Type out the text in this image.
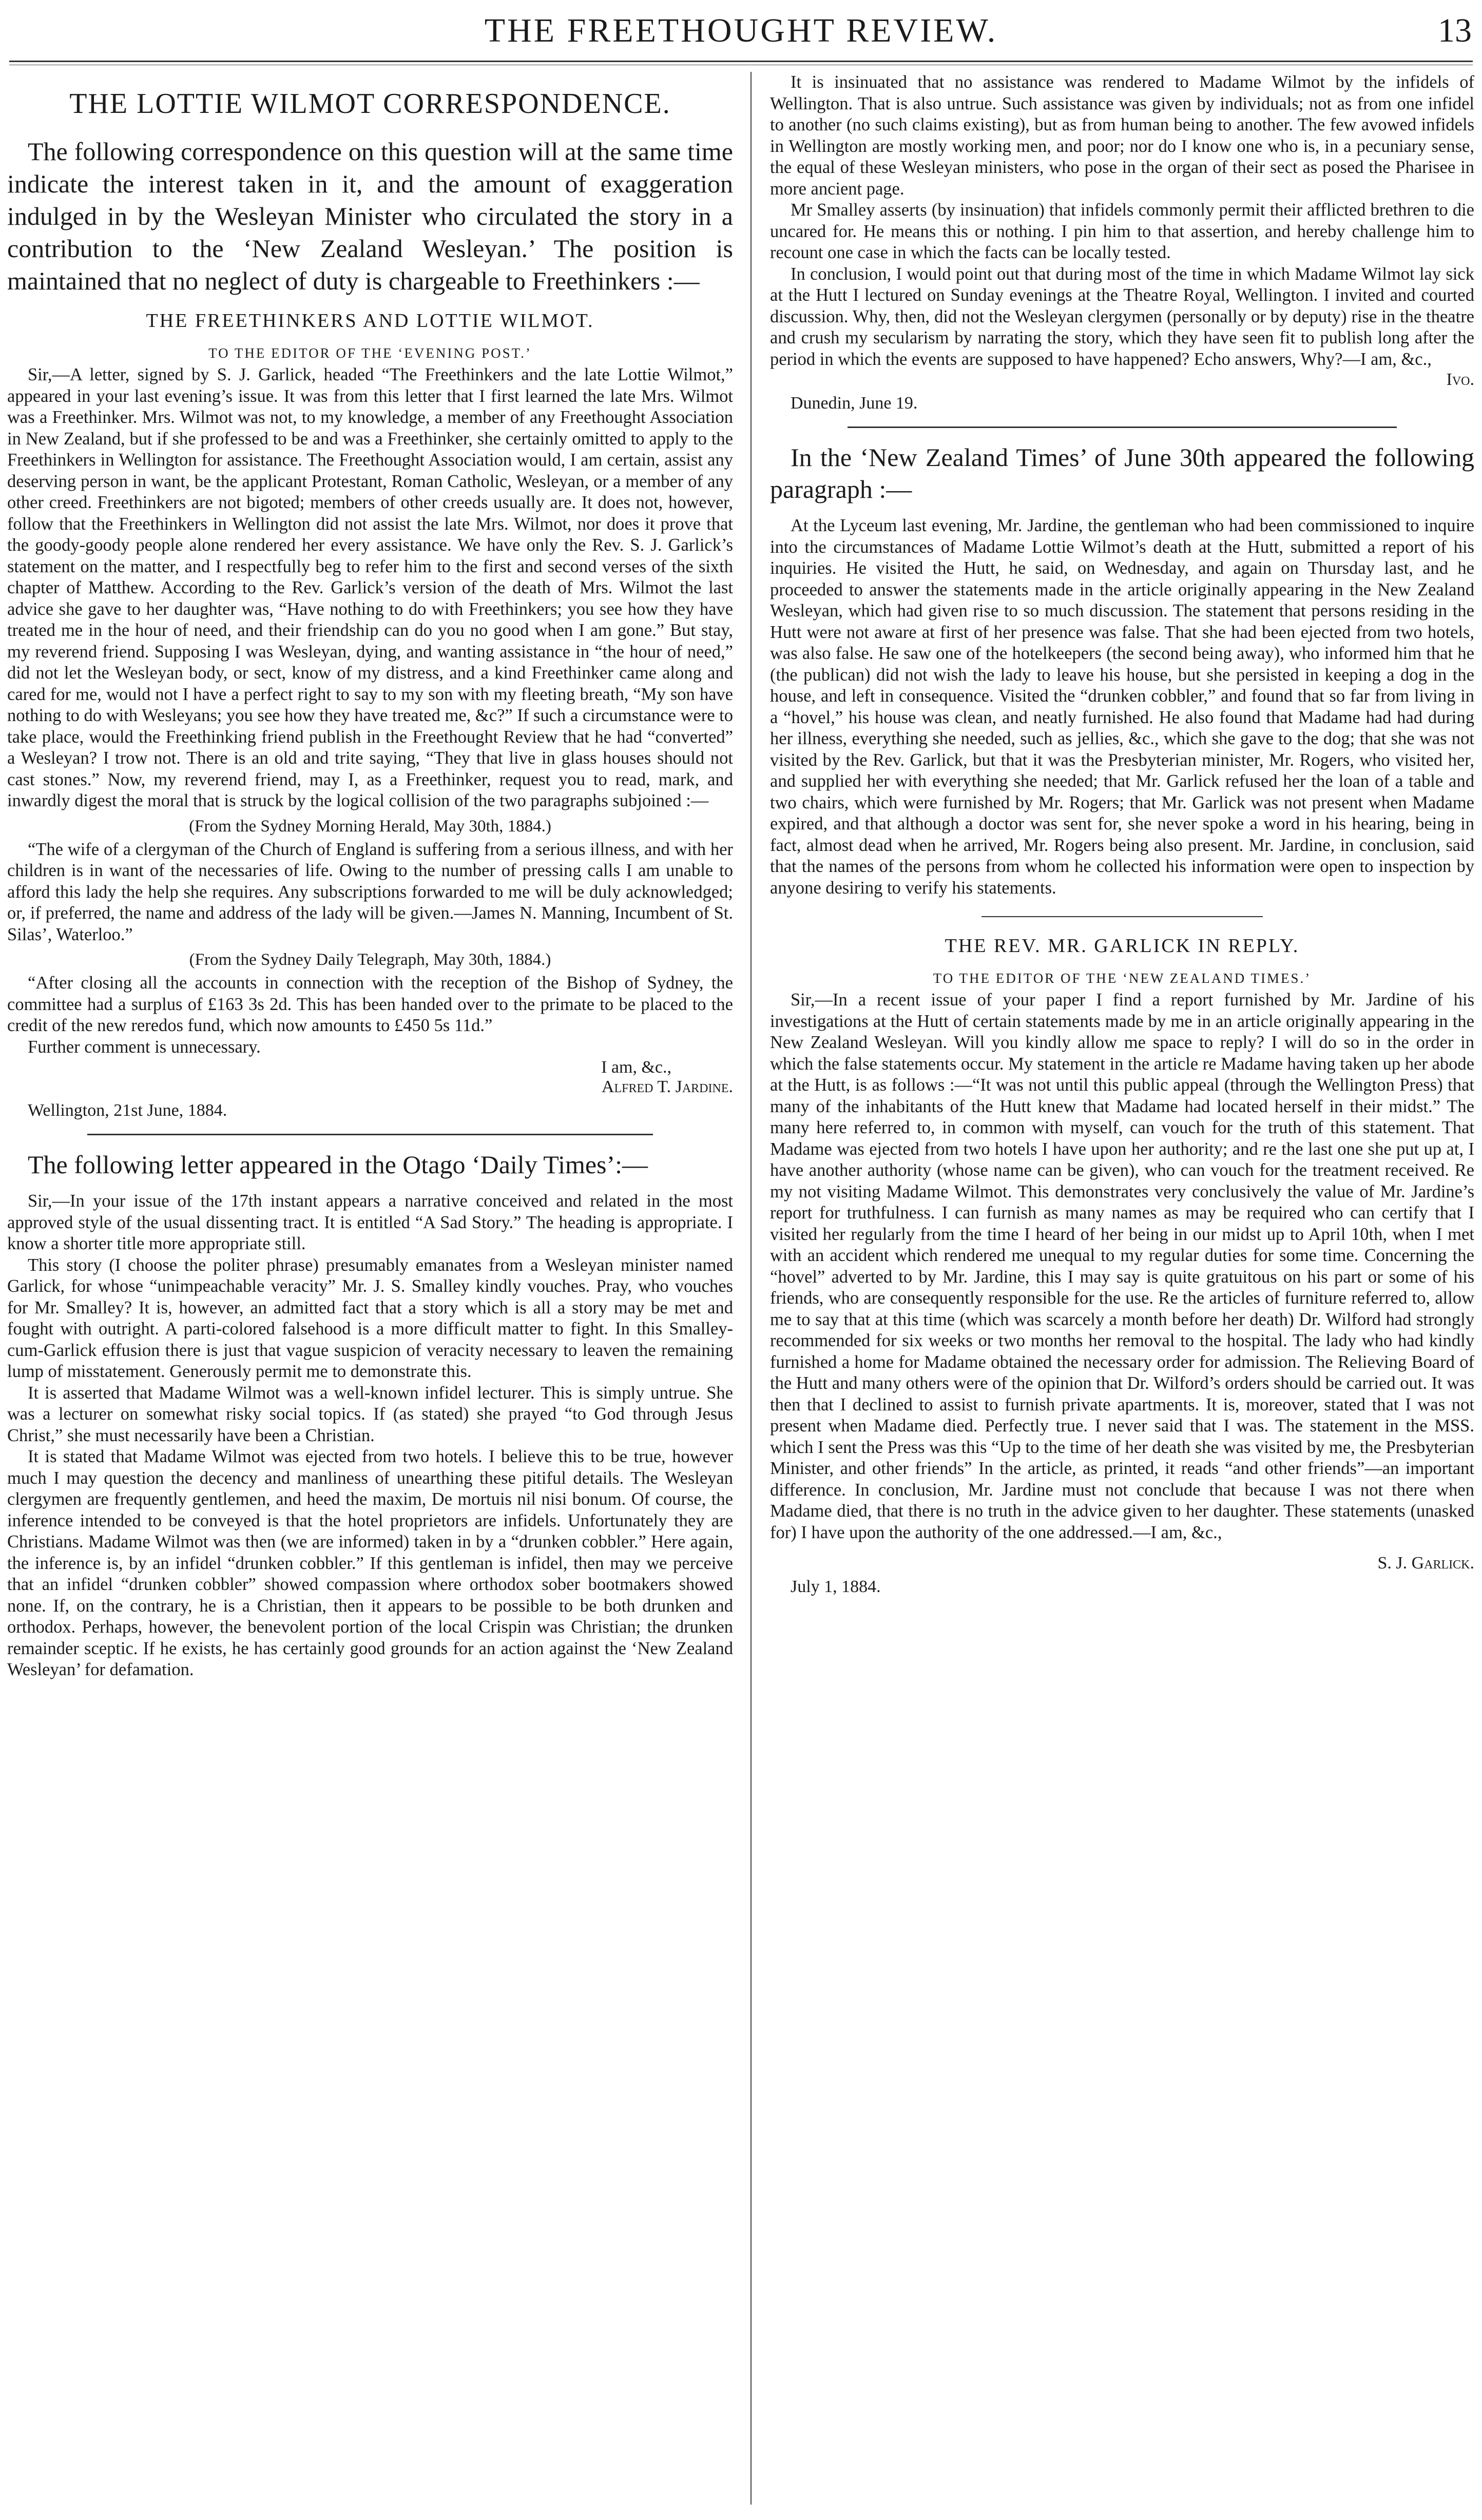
THE FREETHOUGHT REVIEW.	13
THE LOTTIE WILMOT CORRESPONDENCE.

The following correspondence on this question will at the same time indicate the interest taken in it, and the amount of exaggeration indulged in by the Wesleyan Minister who circulated the story in a contribution to the ‘New Zealand Wesleyan.’ The position is maintained that no neglect of duty is chargeable to Freethinkers :—

THE FREETHINKERS AND LOTTIE WILMOT.
TO THE EDITOR OF THE ‘EVENING POST.’

Sir,—A letter, signed by S. J. Garlick, headed “The Freethinkers and the late Lottie Wilmot,” appeared in your last evening’s issue. It was from this letter that I first learned the late Mrs. Wilmot was a Freethinker. Mrs. Wilmot was not, to my knowledge, a member of any Freethought Association in New Zealand, but if she professed to be and was a Freethinker, she certainly omitted to apply to the Freethinkers in Wellington for assistance. The Freethought Association would, I am certain, assist any deserving person in want, be the applicant Protestant, Roman Catholic, Wesleyan, or a member of any other creed. Freethinkers are not bigoted; members of other creeds usually are. It does not, however, follow that the Freethinkers in Wellington did not assist the late Mrs. Wilmot, nor does it prove that the goody-goody people alone rendered her every assistance. We have only the Rev. S. J. Garlick’s statement on the matter, and I respectfully beg to refer him to the first and second verses of the sixth chapter of Matthew. According to the Rev. Garlick’s version of the death of Mrs. Wilmot the last advice she gave to her daughter was, “Have nothing to do with Freethinkers; you see how they have treated me in the hour of need, and their friendship can do you no good when I am gone.” But stay, my reverend friend. Supposing I was Wesleyan, dying, and wanting assistance in “the hour of need,” did not let the Wesleyan body, or sect, know of my distress, and a kind Freethinker came along and cared for me, would not I have a perfect right to say to my son with my fleeting breath, “My son have nothing to do with Wesleyans; you see how they have treated me, &c?” If such a circumstance were to take place, would the Freethinking friend publish in the Freethought Review that he had “converted” a Wesleyan? I trow not. There is an old and trite saying, “They that live in glass houses should not cast stones.” Now, my reverend friend, may I, as a Freethinker, request you to read, mark, and inwardly digest the moral that is struck by the logical collision of the two paragraphs subjoined :—

(From the Sydney Morning Herald, May 30th, 1884.)

“The wife of a clergyman of the Church of England is suffering from a serious illness, and with her children is in want of the necessaries of life. Owing to the number of pressing calls I am unable to afford this lady the help she requires. Any subscriptions forwarded to me will be duly acknowledged; or, if preferred, the name and address of the lady will be given.—James N. Manning, Incumbent of St. Silas’, Waterloo.”

(From the Sydney Daily Telegraph, May 30th, 1884.)

“After closing all the accounts in connection with the reception of the Bishop of Sydney, the committee had a surplus of £163 3s 2d. This has been handed over to the primate to be placed to the credit of the new reredos fund, which now amounts to £450 5s 11d.”

Further comment is unnecessary.

I am, &c.,
Alfred T. Jardine.
Wellington, 21st June, 1884.

The following letter appeared in the Otago ‘Daily Times’:—

Sir,—In your issue of the 17th instant appears a narrative conceived and related in the most approved style of the usual dissenting tract. It is entitled “A Sad Story.” The heading is appropriate. I know a shorter title more appropriate still.

This story (I choose the politer phrase) presumably emanates from a Wesleyan minister named Garlick, for whose “unimpeachable veracity” Mr. J. S. Smalley kindly vouches. Pray, who vouches for Mr. Smalley? It is, however, an admitted fact that a story which is all a story may be met and fought with outright. A parti-colored falsehood is a more difficult matter to fight. In this Smalley-cum-Garlick effusion there is just that vague suspicion of veracity necessary to leaven the remaining lump of misstatement. Generously permit me to demonstrate this.

It is asserted that Madame Wilmot was a well-known infidel lecturer. This is simply untrue. She was a lecturer on somewhat risky social topics. If (as stated) she prayed “to God through Jesus Christ,” she must necessarily have been a Christian.

It is stated that Madame Wilmot was ejected from two hotels. I believe this to be true, however much I may question the decency and manliness of unearthing these pitiful details. The Wesleyan clergymen are frequently gentlemen, and heed the maxim, De mortuis nil nisi bonum. Of course, the inference intended to be conveyed is that the hotel proprietors are infidels. Unfortunately they are Christians. Madame Wilmot was then (we are informed) taken in by a “drunken cobbler.” Here again, the inference is, by an infidel “drunken cobbler.” If this gentleman is infidel, then may we perceive that an infidel “drunken cobbler” showed compassion where orthodox sober bootmakers showed none. If, on the contrary, he is a Christian, then it appears to be possible to be both drunken and orthodox. Perhaps, however, the benevolent portion of the local Crispin was Christian; the drunken remainder sceptic. If he exists, he has certainly good grounds for an action against the ‘New Zealand Wesleyan’ for defamation.

It is insinuated that no assistance was rendered to Madame Wilmot by the infidels of Wellington. That is also untrue. Such assistance was given by individuals; not as from one infidel to another (no such claims existing), but as from human being to another. The few avowed infidels in Wellington are mostly working men, and poor; nor do I know one who is, in a pecuniary sense, the equal of these Wesleyan ministers, who pose in the organ of their sect as posed the Pharisee in more ancient page.

Mr Smalley asserts (by insinuation) that infidels commonly permit their afflicted brethren to die uncared for. He means this or nothing. I pin him to that assertion, and hereby challenge him to recount one case in which the facts can be locally tested.

In conclusion, I would point out that during most of the time in which Madame Wilmot lay sick at the Hutt I lectured on Sunday evenings at the Theatre Royal, Wellington. I invited and courted discussion. Why, then, did not the Wesleyan clergymen (personally or by deputy) rise in the theatre and crush my secularism by narrating the story, which they have seen fit to publish long after the period in which the events are supposed to have happened? Echo answers, Why?—I am, &c.,

Ivo.
Dunedin, June 19.

In the ‘New Zealand Times’ of June 30th appeared the following paragraph :—

At the Lyceum last evening, Mr. Jardine, the gentleman who had been commissioned to inquire into the circumstances of Madame Lottie Wilmot’s death at the Hutt, submitted a report of his inquiries. He visited the Hutt, he said, on Wednesday, and again on Thursday last, and he proceeded to answer the statements made in the article originally appearing in the New Zealand Wesleyan, which had given rise to so much discussion. The statement that persons residing in the Hutt were not aware at first of her presence was false. That she had been ejected from two hotels, was also false. He saw one of the hotelkeepers (the second being away), who informed him that he (the publican) did not wish the lady to leave his house, but she persisted in keeping a dog in the house, and left in consequence. Visited the “drunken cobbler,” and found that so far from living in a “hovel,” his house was clean, and neatly furnished. He also found that Madame had had during her illness, everything she needed, such as jellies, &c., which she gave to the dog; that she was not visited by the Rev. Garlick, but that it was the Presbyterian minister, Mr. Rogers, who visited her, and supplied her with everything she needed; that Mr. Garlick refused her the loan of a table and two chairs, which were furnished by Mr. Rogers; that Mr. Garlick was not present when Madame expired, and that although a doctor was sent for, she never spoke a word in his hearing, being in fact, almost dead when he arrived, Mr. Rogers being also present. Mr. Jardine, in conclusion, said that the names of the persons from whom he collected his information were open to inspection by anyone desiring to verify his statements.

THE REV. MR. GARLICK IN REPLY.
TO THE EDITOR OF THE ‘NEW ZEALAND TIMES.’

Sir,—In a recent issue of your paper I find a report furnished by Mr. Jardine of his investigations at the Hutt of certain statements made by me in an article originally appearing in the New Zealand Wesleyan. Will you kindly allow me space to reply? I will do so in the order in which the false statements occur. My statement in the article re Madame having taken up her abode at the Hutt, is as follows :—“It was not until this public appeal (through the Wellington Press) that many of the inhabitants of the Hutt knew that Madame had located herself in their midst.” The many here referred to, in common with myself, can vouch for the truth of this statement. That Madame was ejected from two hotels I have upon her authority; and re the last one she put up at, I have another authority (whose name can be given), who can vouch for the treatment received. Re my not visiting Madame Wilmot. This demonstrates very conclusively the value of Mr. Jardine’s report for truthfulness. I can furnish as many names as may be required who can certify that I visited her regularly from the time I heard of her being in our midst up to April 10th, when I met with an accident which rendered me unequal to my regular duties for some time. Concerning the “hovel” adverted to by Mr. Jardine, this I may say is quite gratuitous on his part or some of his friends, who are consequently responsible for the use. Re the articles of furniture referred to, allow me to say that at this time (which was scarcely a month before her death) Dr. Wilford had strongly recommended for six weeks or two months her removal to the hospital. The lady who had kindly furnished a home for Madame obtained the necessary order for admission. The Relieving Board of the Hutt and many others were of the opinion that Dr. Wilford’s orders should be carried out. It was then that I declined to assist to furnish private apartments. It is, moreover, stated that I was not present when Madame died. Perfectly true. I never said that I was. The statement in the MSS. which I sent the Press was this “Up to the time of her death she was visited by me, the Presbyterian Minister, and other friends” In the article, as printed, it reads “and other friends”—an important difference. In conclusion, Mr. Jardine must not conclude that because I was not there when Madame died, that there is no truth in the advice given to her daughter. These statements (unasked for) I have upon the authority of the one addressed.—I am, &c.,

S. J. Garlick.
July 1, 1884.
